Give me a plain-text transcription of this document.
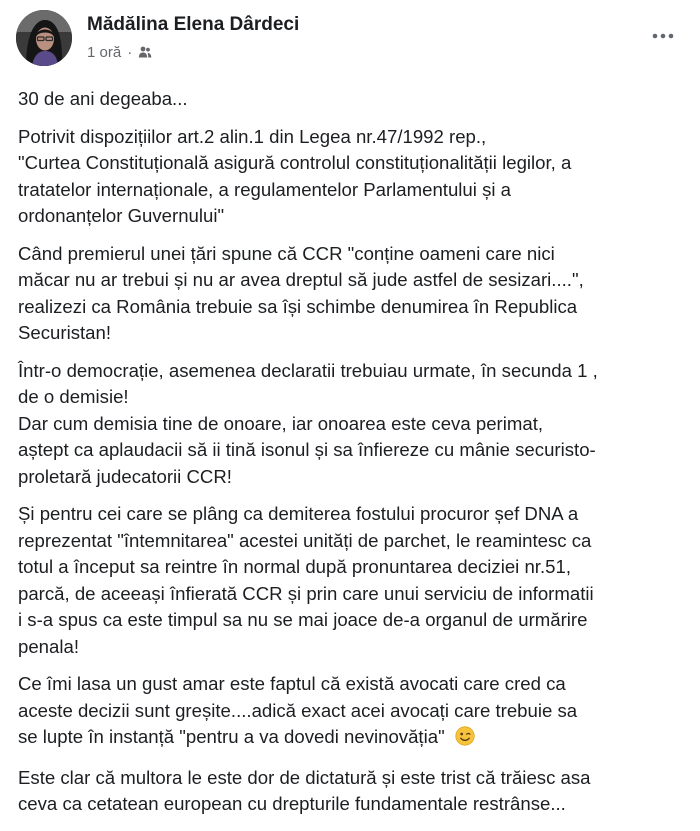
Mădălina Elena Dârdeci
1 oră ·
30 de ani degeaba...
Potrivit dispozițiilor art.2 alin.1 din Legea nr.47/1992 rep.,
"Curtea Constituțională asigură controlul constituționalității legilor, a
tratatelor internaționale, a regulamentelor Parlamentului și a
ordonanțelor Guvernului"
Când premierul unei țări spune că CCR "conține oameni care nici
măcar nu ar trebui și nu ar avea dreptul să jude astfel de sesizari....",
realizezi ca România trebuie sa își schimbe denumirea în Republica
Securistan!
Într-o democrație, asemenea declaratii trebuiau urmate, în secunda 1 ,
de o demisie!
Dar cum demisia tine de onoare, iar onoarea este ceva perimat,
aștept ca aplaudacii să ii tină isonul și sa înfiereze cu mânie securisto-
proletară judecatorii CCR!
Și pentru cei care se plâng ca demiterea fostului procuror șef DNA a
reprezentat "întemnitarea" acestei unități de parchet, le reamintesc ca
totul a început sa reintre în normal după pronuntarea deciziei nr.51,
parcă, de aceeași înfierată CCR și prin care unui serviciu de informatii
i s-a spus ca este timpul sa nu se mai joace de-a organul de urmărire
penala!
Ce îmi lasa un gust amar este faptul că există avocati care cred ca
aceste decizii sunt greșite....adică exact acei avocați care trebuie sa
se lupte în instanță "pentru a va dovedi nevinovăția"
Este clar că multora le este dor de dictatură și este trist că trăiesc asa
ceva ca cetatean european cu drepturile fundamentale restrânse...
